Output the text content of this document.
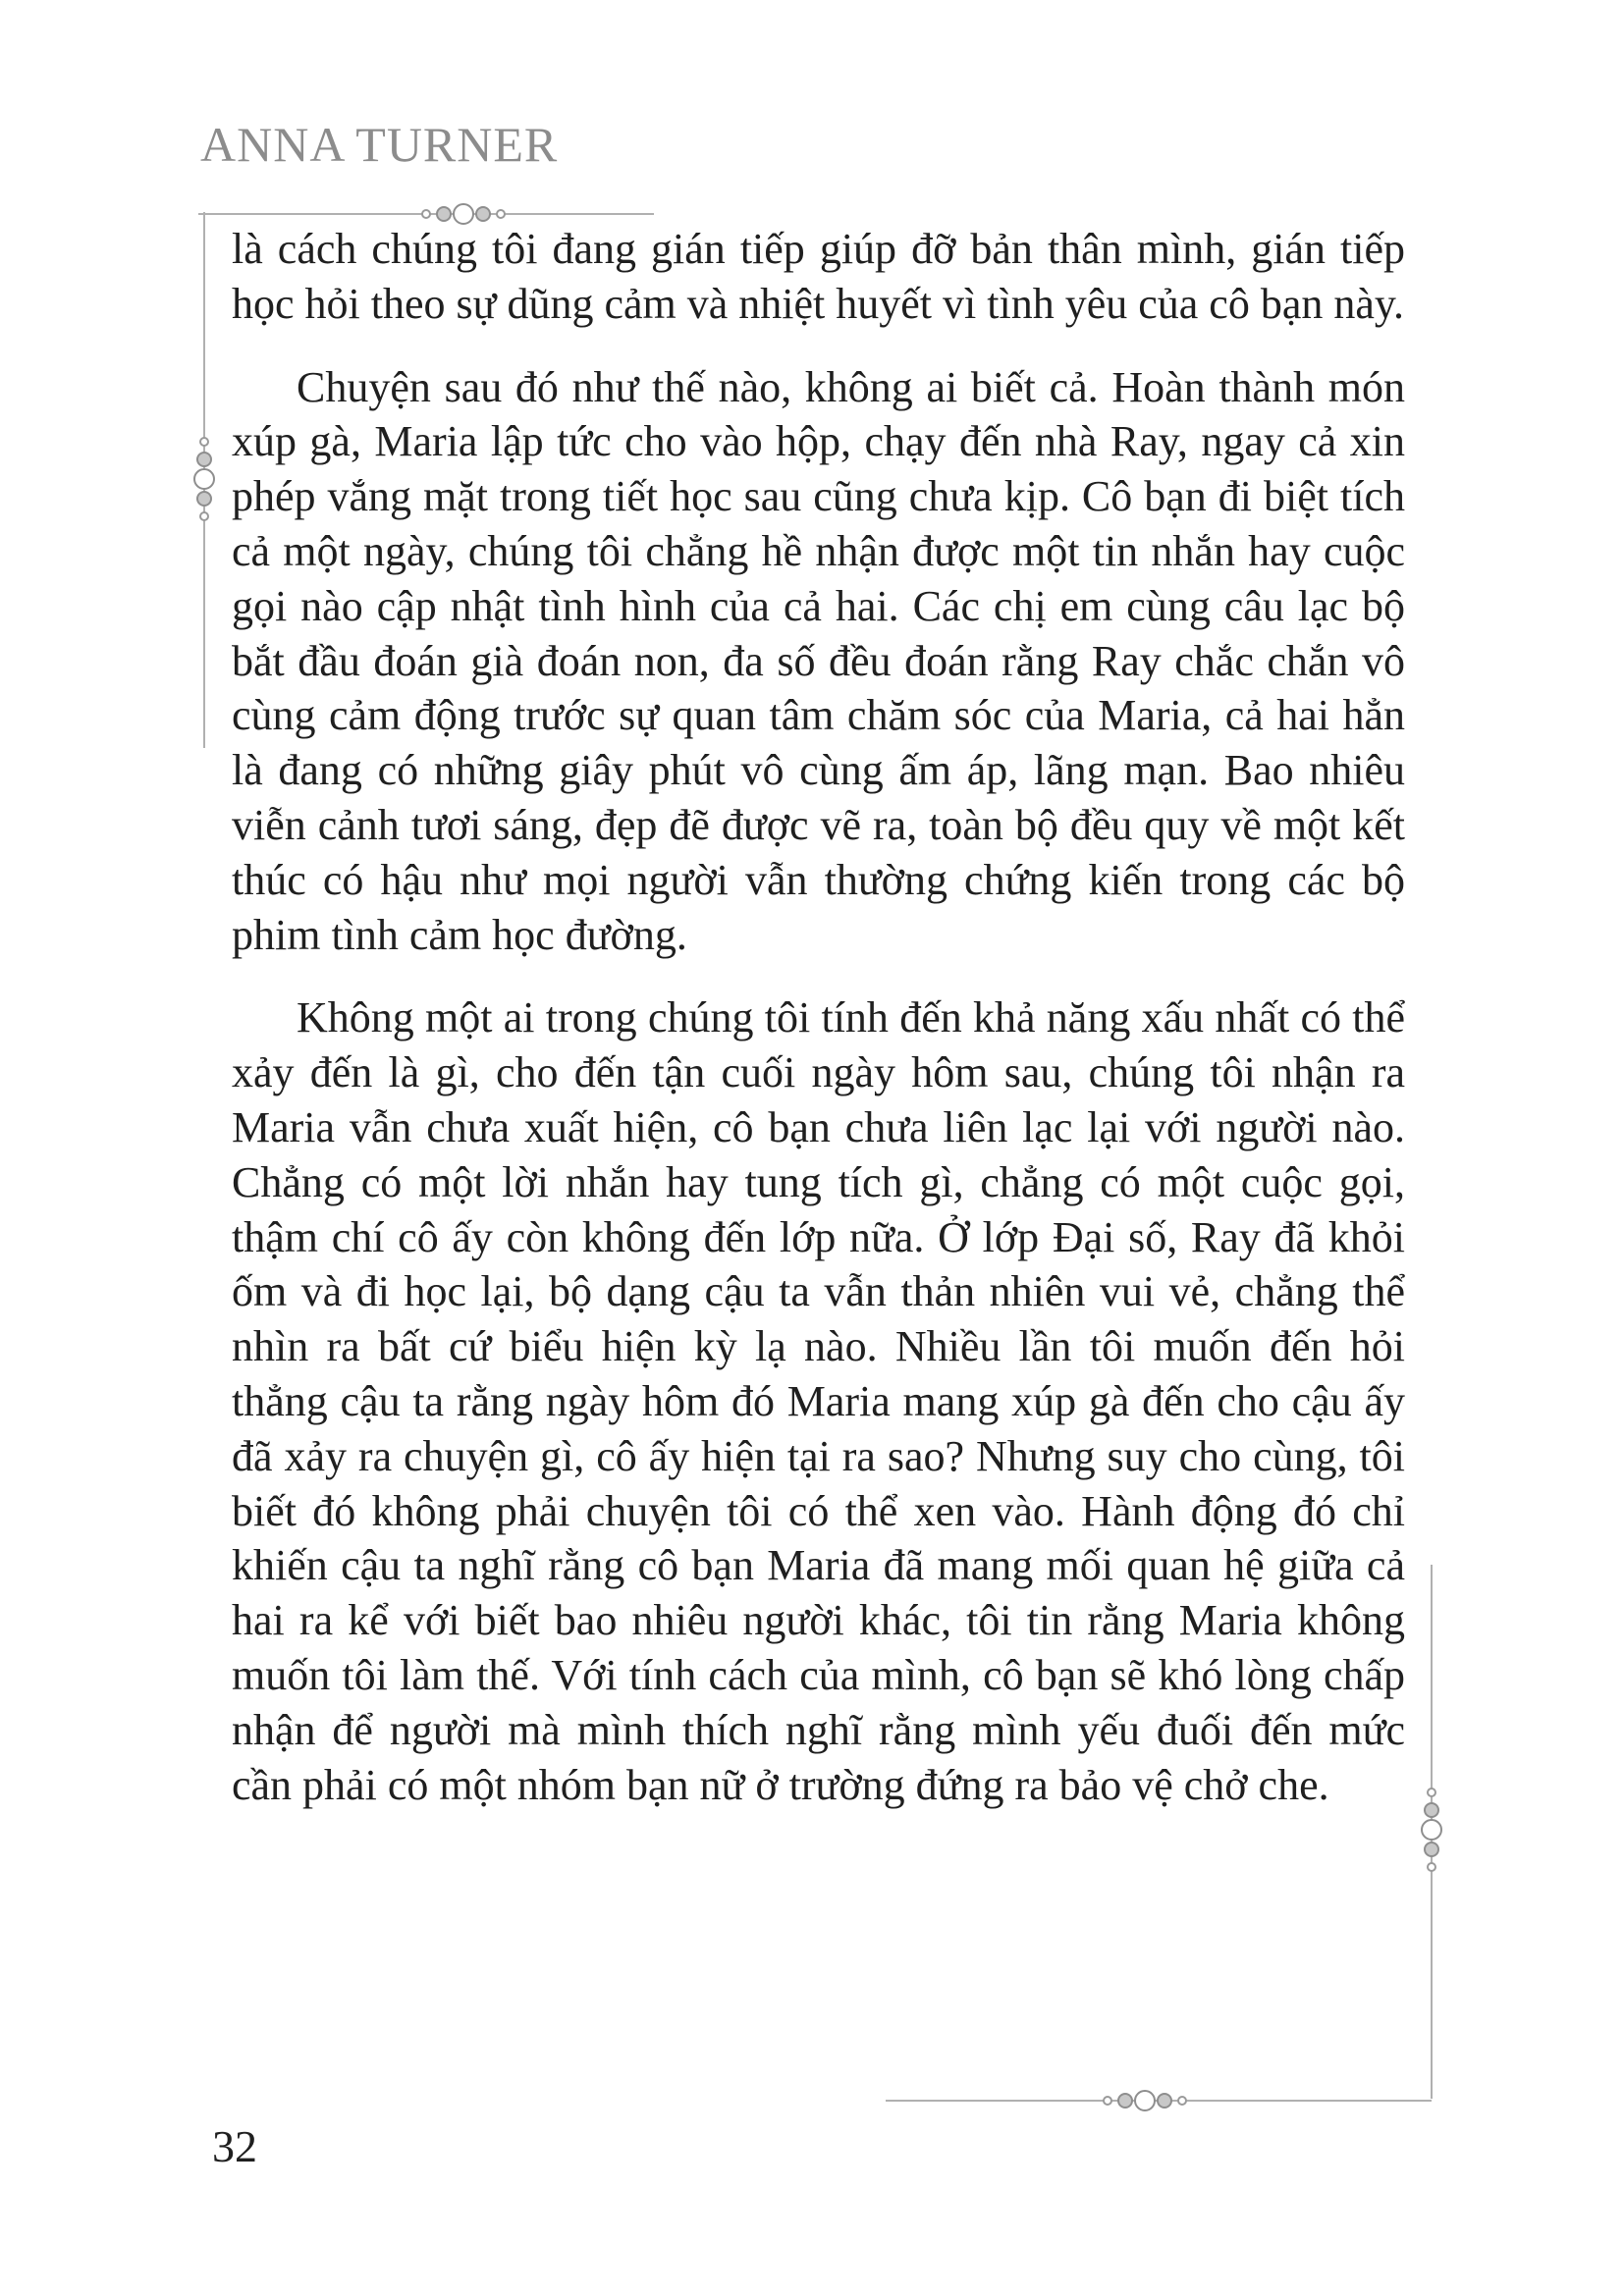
ANNA TURNER

là cách chúng tôi đang gián tiếp giúp đỡ bản thân mình, gián tiếp học hỏi theo sự dũng cảm và nhiệt huyết vì tình yêu của cô bạn này.

Chuyện sau đó như thế nào, không ai biết cả. Hoàn thành món xúp gà, Maria lập tức cho vào hộp, chạy đến nhà Ray, ngay cả xin phép vắng mặt trong tiết học sau cũng chưa kịp. Cô bạn đi biệt tích cả một ngày, chúng tôi chẳng hề nhận được một tin nhắn hay cuộc gọi nào cập nhật tình hình của cả hai. Các chị em cùng câu lạc bộ bắt đầu đoán già đoán non, đa số đều đoán rằng Ray chắc chắn vô cùng cảm động trước sự quan tâm chăm sóc của Maria, cả hai hẳn là đang có những giây phút vô cùng ấm áp, lãng mạn. Bao nhiêu viễn cảnh tươi sáng, đẹp đẽ được vẽ ra, toàn bộ đều quy về một kết thúc có hậu như mọi người vẫn thường chứng kiến trong các bộ phim tình cảm học đường.

Không một ai trong chúng tôi tính đến khả năng xấu nhất có thể xảy đến là gì, cho đến tận cuối ngày hôm sau, chúng tôi nhận ra Maria vẫn chưa xuất hiện, cô bạn chưa liên lạc lại với người nào. Chẳng có một lời nhắn hay tung tích gì, chẳng có một cuộc gọi, thậm chí cô ấy còn không đến lớp nữa. Ở lớp Đại số, Ray đã khỏi ốm và đi học lại, bộ dạng cậu ta vẫn thản nhiên vui vẻ, chẳng thể nhìn ra bất cứ biểu hiện kỳ lạ nào. Nhiều lần tôi muốn đến hỏi thẳng cậu ta rằng ngày hôm đó Maria mang xúp gà đến cho cậu ấy đã xảy ra chuyện gì, cô ấy hiện tại ra sao? Nhưng suy cho cùng, tôi biết đó không phải chuyện tôi có thể xen vào. Hành động đó chỉ khiến cậu ta nghĩ rằng cô bạn Maria đã mang mối quan hệ giữa cả hai ra kể với biết bao nhiêu người khác, tôi tin rằng Maria không muốn tôi làm thế. Với tính cách của mình, cô bạn sẽ khó lòng chấp nhận để người mà mình thích nghĩ rằng mình yếu đuối đến mức cần phải có một nhóm bạn nữ ở trường đứng ra bảo vệ chở che.

32
